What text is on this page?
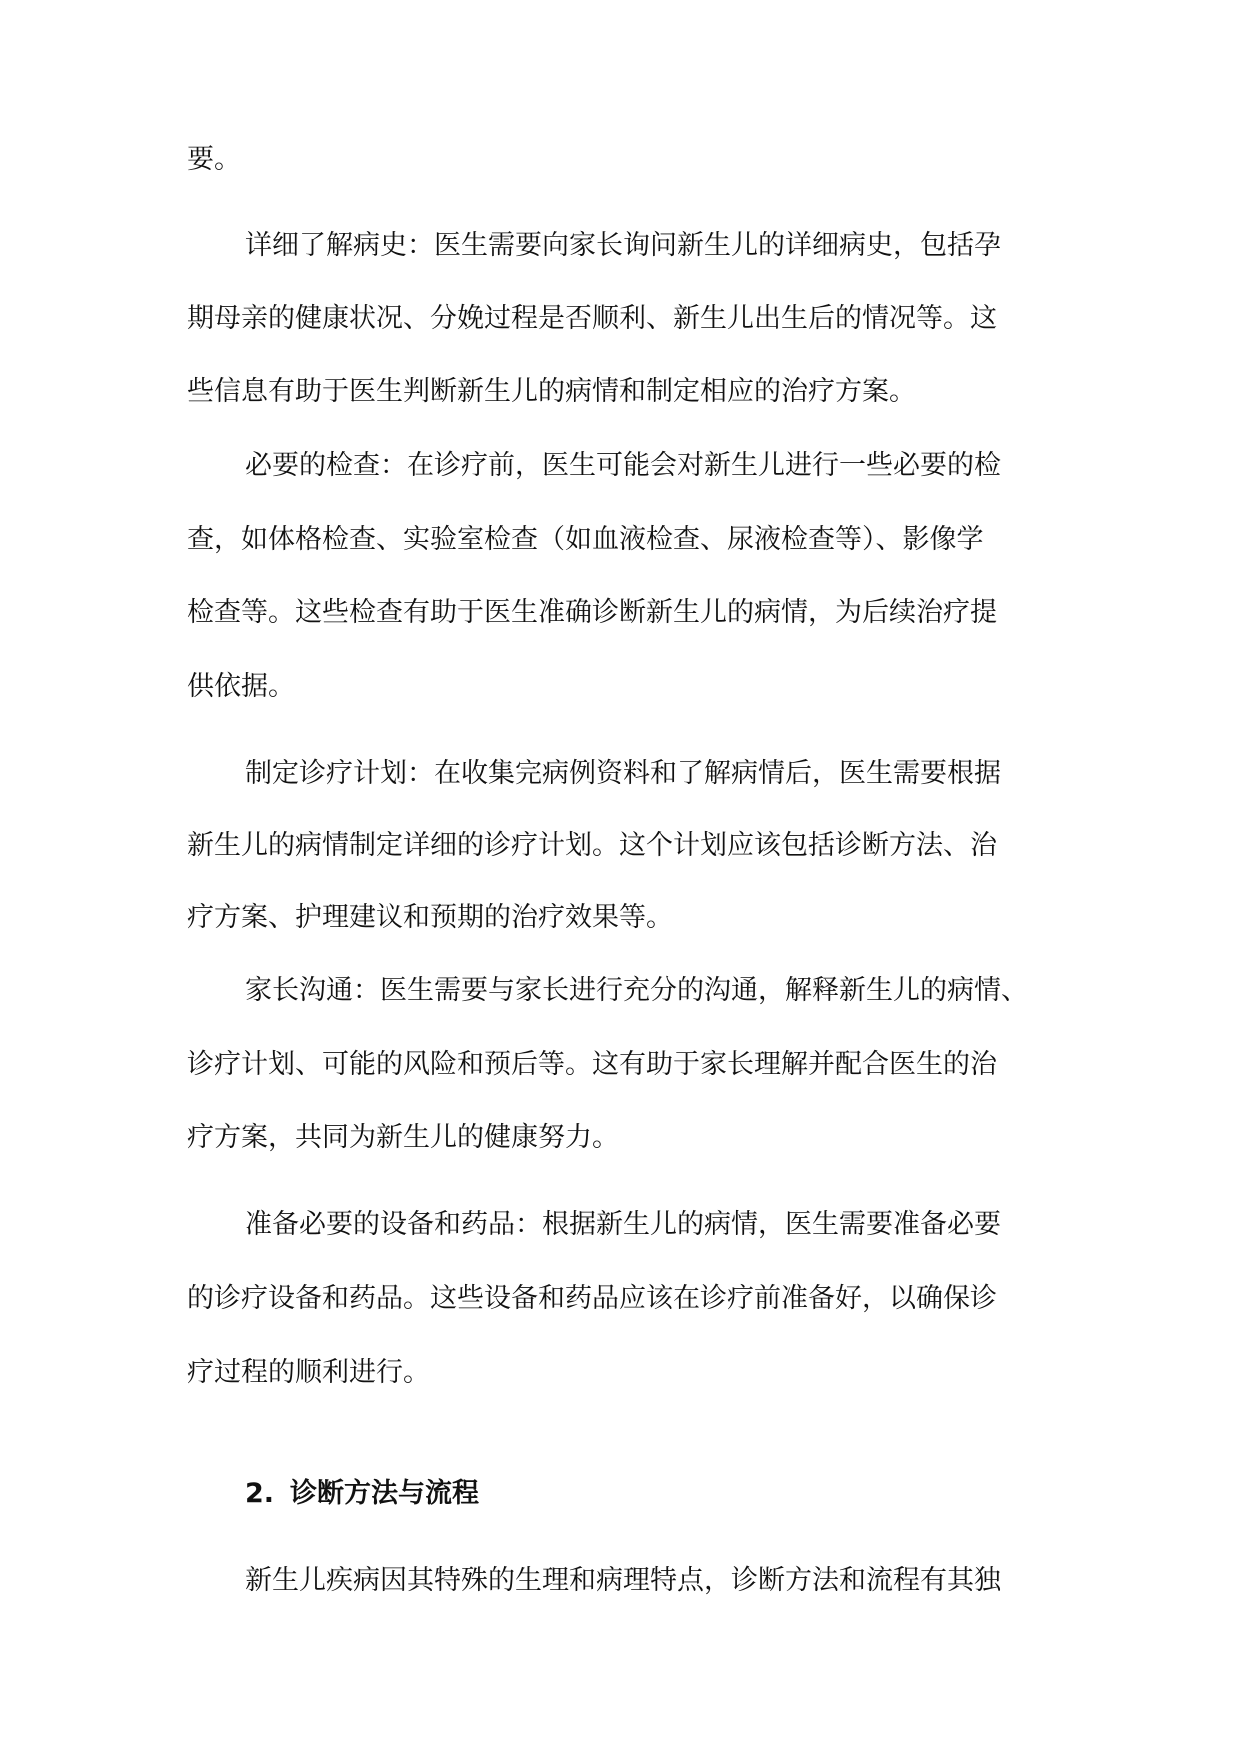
要。

详细了解病史：医生需要向家长询问新生儿的详细病史，包括孕

期母亲的健康状况、分娩过程是否顺利、新生儿出生后的情况等。这

些信息有助于医生判断新生儿的病情和制定相应的治疗方案。

必要的检查：在诊疗前，医生可能会对新生儿进行一些必要的检

查，如体格检查、实验室检查（如血液检查、尿液检查等）、影像学

检查等。这些检查有助于医生准确诊断新生儿的病情，为后续治疗提

供依据。

制定诊疗计划：在收集完病例资料和了解病情后，医生需要根据

新生儿的病情制定详细的诊疗计划。这个计划应该包括诊断方法、治

疗方案、护理建议和预期的治疗效果等。

家长沟通：医生需要与家长进行充分的沟通，解释新生儿的病情、

诊疗计划、可能的风险和预后等。这有助于家长理解并配合医生的治

疗方案，共同为新生儿的健康努力。

准备必要的设备和药品：根据新生儿的病情，医生需要准备必要

的诊疗设备和药品。这些设备和药品应该在诊疗前准备好，以确保诊

疗过程的顺利进行。

2. 诊断方法与流程

新生儿疾病因其特殊的生理和病理特点，诊断方法和流程有其独
